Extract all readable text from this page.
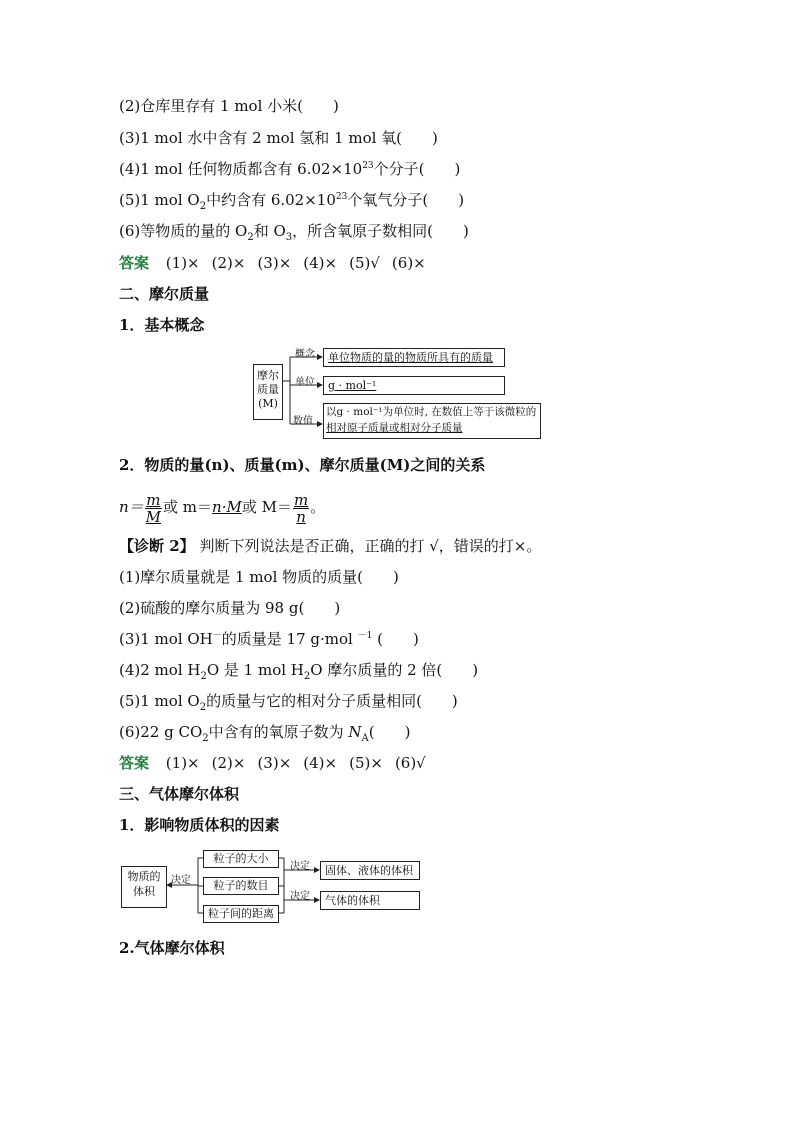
(2)仓库里存有 1 mol 小米(　　)
(3)1 mol 水中含有 2 mol 氢和 1 mol 氧(　　)
(4)1 mol 任何物质都含有 $6.02\times 10^{23}$个分子(　　)
(5)1 mol $O_2$中约含有 $6.02\times 10^{23}$个氧气分子(　　)
(6)等物质的量的 $O_2$和 $O_3$，所含氧原子数相同(　　)
答案 (1)× (2)× (3)× (4)× (5)√ (6)×
二、摩尔质量
1．基本概念
摩尔
质量
(M)
概念
单位
数值
单位物质的量的物质所具有的质量
g · mol⁻¹
以g · mol⁻¹为单位时, 在数值上等于该微粒的
相对原子质量或相对分子质量
2．物质的量(n)、质量(m)、摩尔质量(M)之间的关系
$n= \frac{m}{M}$ 或 m＝n·M或 $M= \frac{m}{n}$ 。
【诊断 2】 判断下列说法是否正确，正确的打 √，错误的打×。
(1)摩尔质量就是 1 mol 物质的质量(　　)
(2)硫酸的摩尔质量为 98 g(　　)
(3)1 mol OH－的质量是 17 g·mol $^{-1}$ (　　)
(4)2 mol $H_2O$ 是 1 mol $H_2O$ 摩尔质量的 2 倍(　　)
(5)1 mol $O_2$的质量与它的相对分子质量相同(　　)
(6)22 g $CO_2$中含有的氧原子数为 $N_A$(　　)
答案 (1)× (2)× (3)× (4)× (5)× (6)√
三、气体摩尔体积
1．影响物质体积的因素
物质的
体积
决定
粒子的大小
粒子的数目
粒子间的距离
决定
决定
固体、液体的体积
气体的体积
2.气体摩尔体积
